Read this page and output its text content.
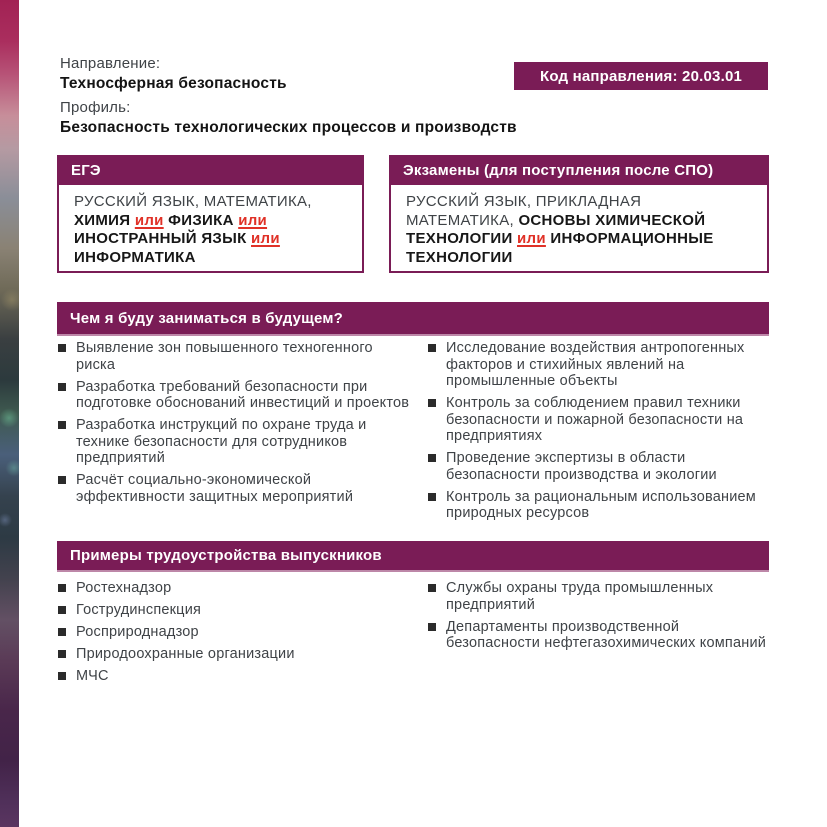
Направление:
Техносферная безопасность
Профиль:
Безопасность технологических процессов и производств
Код направления: 20.03.01
ЕГЭ
РУССКИЙ ЯЗЫК, МАТЕМАТИКА, ХИМИЯ или ФИЗИКА или ИНОСТРАННЫЙ ЯЗЫК или ИНФОРМАТИКА
Экзамены (для поступления после СПО)
РУССКИЙ ЯЗЫК, ПРИКЛАДНАЯ МАТЕМАТИКА, ОСНОВЫ ХИМИЧЕСКОЙ ТЕХНОЛОГИИ или ИНФОРМАЦИОННЫЕ ТЕХНОЛОГИИ
Чем я буду заниматься в будущем?
Выявление зон повышенного техногенного риска
Разработка требований безопасности при подготовке обоснований инвестиций и проектов
Разработка инструкций по охране труда и технике безопасности для сотрудников предприятий
Расчёт социально-экономической эффективности защитных мероприятий
Исследование воздействия антропогенных факторов и стихийных явлений на промышленные объекты
Контроль за соблюдением правил техники безопасности и пожарной безопасности на предприятиях
Проведение экспертизы в области безопасности производства и экологии
Контроль за рациональным использованием природных ресурсов
Примеры трудоустройства выпускников
Ростехнадзор
Гострудинспекция
Росприроднадзор
Природоохранные организации
МЧС
Службы охраны труда промышленных предприятий
Департаменты производственной безопасности нефтегазохимических компаний
